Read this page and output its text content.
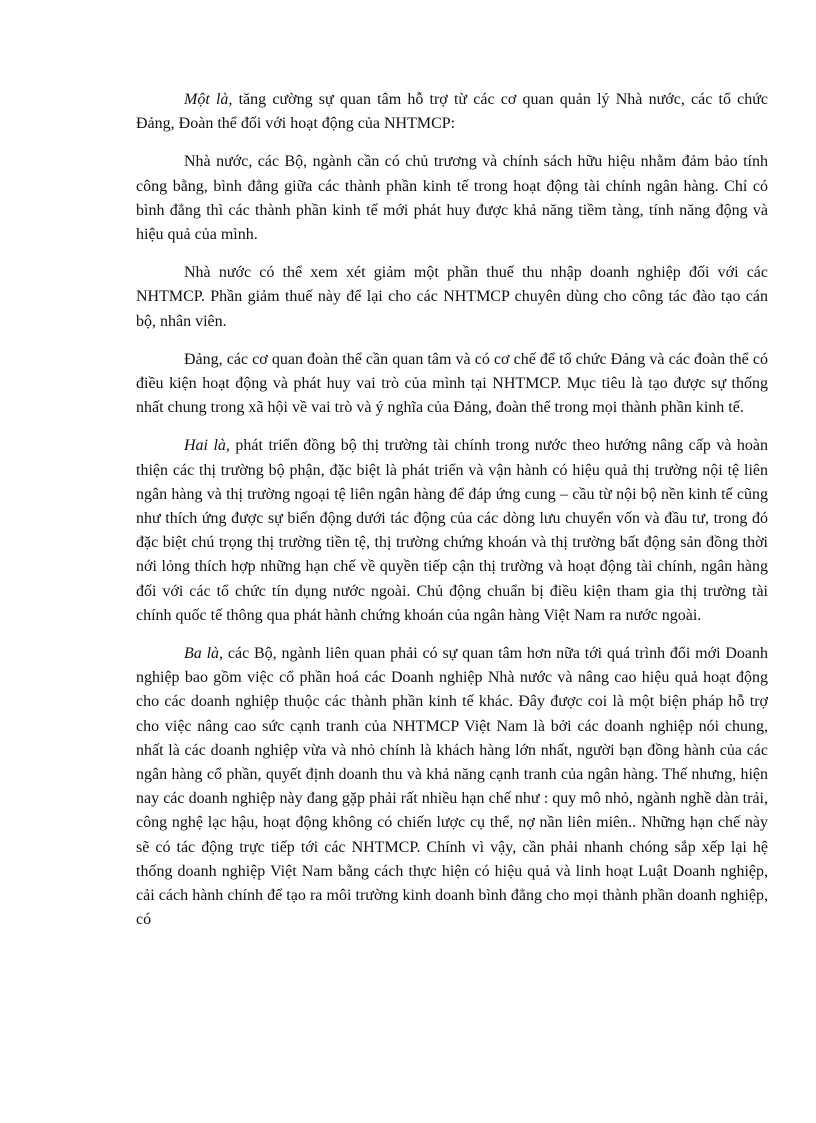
Một là, tăng cường sự quan tâm hỗ trợ từ các cơ quan quản lý Nhà nước, các tổ chức Đảng, Đoàn thể đối với hoạt động của NHTMCP:

Nhà nước, các Bộ, ngành cần có chủ trương và chính sách hữu hiệu nhằm đảm bảo tính công bằng, bình đẳng giữa các thành phần kinh tế trong hoạt động tài chính ngân hàng. Chỉ có bình đẳng thì các thành phần kinh tế mới phát huy được khả năng tiềm tàng, tính năng động và hiệu quả của mình.

Nhà nước có thể xem xét giảm một phần thuế thu nhập doanh nghiệp đối với các NHTMCP. Phần giảm thuế này để lại cho các NHTMCP chuyên dùng cho công tác đào tạo cán bộ, nhân viên.

Đảng, các cơ quan đoàn thể cần quan tâm và có cơ chế để tổ chức Đảng và các đoàn thể có điều kiện hoạt động và phát huy vai trò của mình tại NHTMCP. Mục tiêu là tạo được sự thống nhất chung trong xã hội về vai trò và ý nghĩa của Đảng, đoàn thể trong mọi thành phần kinh tế.

Hai là, phát triển đồng bộ thị trường tài chính trong nước theo hướng nâng cấp và hoàn thiện các thị trường bộ phận, đặc biệt là phát triển và vận hành có hiệu quả thị trường nội tệ liên ngân hàng và thị trường ngoại tệ liên ngân hàng để đáp ứng cung – cầu từ nội bộ nền kinh tế cũng như thích ứng được sự biến động dưới tác động của các dòng lưu chuyển vốn và đầu tư, trong đó đặc biệt chú trọng thị trường tiền tệ, thị trường chứng khoán và thị trường bất động sản đồng thời nới lỏng thích hợp những hạn chế về quyền tiếp cận thị trường và hoạt động tài chính, ngân hàng đối với các tổ chức tín dụng nước ngoài. Chủ động chuẩn bị điều kiện tham gia thị trường tài chính quốc tế thông qua phát hành chứng khoán của ngân hàng Việt Nam ra nước ngoài.

Ba là, các Bộ, ngành liên quan phải có sự quan tâm hơn nữa tới quá trình đổi mới Doanh nghiệp bao gồm việc cổ phần hoá các Doanh nghiệp Nhà nước và nâng cao hiệu quả hoạt động cho các doanh nghiệp thuộc các thành phần kinh tế khác. Đây được coi là một biện pháp hỗ trợ cho việc nâng cao sức cạnh tranh của NHTMCP Việt Nam là bởi các doanh nghiệp nói chung, nhất là các doanh nghiệp vừa và nhỏ chính là khách hàng lớn nhất, người bạn đồng hành của các ngân hàng cổ phần, quyết định doanh thu và khả năng cạnh tranh của ngân hàng. Thế nhưng, hiện nay các doanh nghiệp này đang gặp phải rất nhiều hạn chế như : quy mô nhỏ, ngành nghề dàn trải, công nghệ lạc hậu, hoạt động không có chiến lược cụ thể, nợ nần liên miên.. Những hạn chế này sẽ có tác động trực tiếp tới các NHTMCP. Chính vì vậy, cần phải nhanh chóng sắp xếp lại hệ thống doanh nghiệp Việt Nam bằng cách thực hiện có hiệu quả và linh hoạt Luật Doanh nghiệp, cải cách hành chính để tạo ra môi trường kinh doanh bình đẳng cho mọi thành phần doanh nghiệp, có
